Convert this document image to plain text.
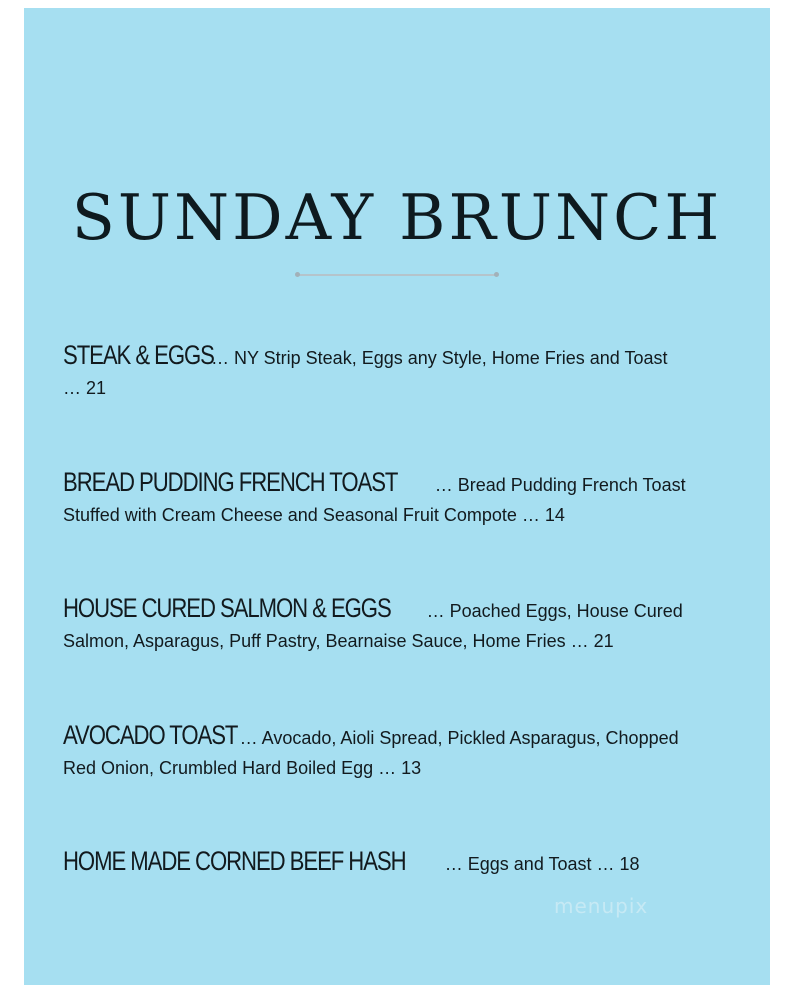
SUNDAY BRUNCH
STEAK & EGGS … NY Strip Steak, Eggs any Style, Home Fries and Toast
… 21
BREAD PUDDING FRENCH TOAST … Bread Pudding French Toast
Stuffed with Cream Cheese and Seasonal Fruit Compote … 14
HOUSE CURED SALMON & EGGS … Poached Eggs, House Cured
Salmon, Asparagus, Puff Pastry, Bearnaise Sauce, Home Fries … 21
AVOCADO TOAST … Avocado, Aioli Spread, Pickled Asparagus, Chopped
Red Onion, Crumbled Hard Boiled Egg … 13
HOME MADE CORNED BEEF HASH … Eggs and Toast … 18
menupix
